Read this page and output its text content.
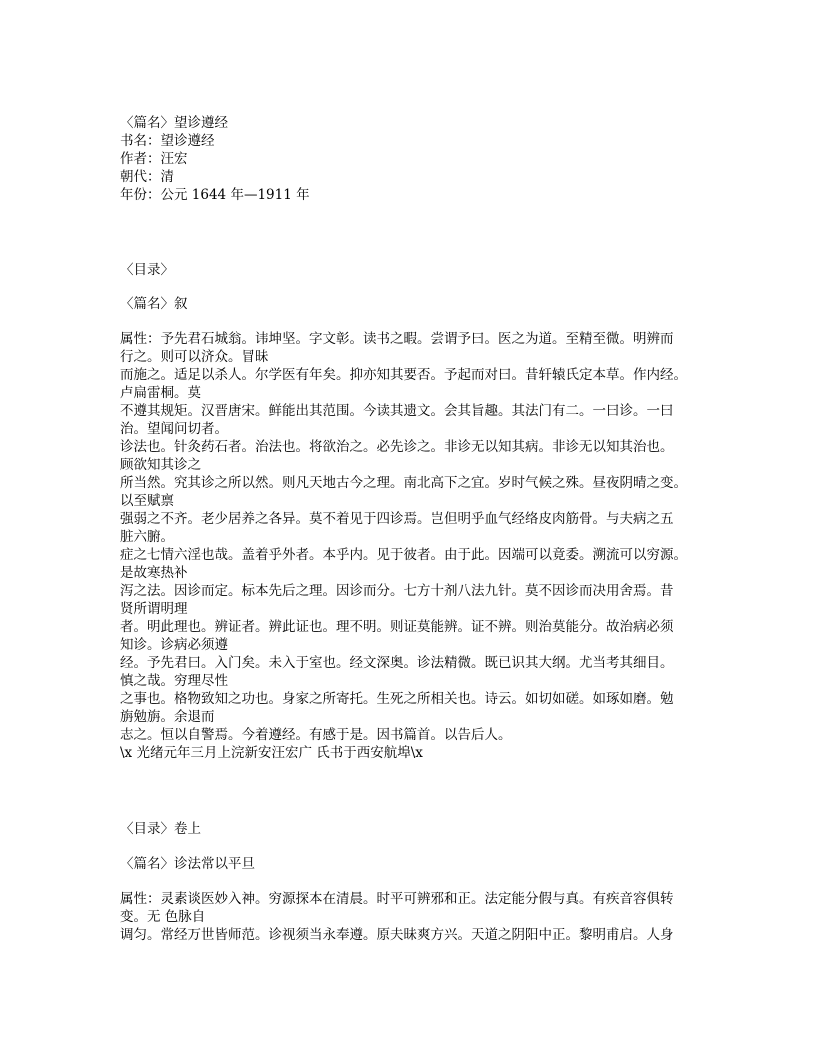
〈篇名〉望诊遵经
书名：望诊遵经
作者：汪宏
朝代：清
年份：公元 1644 年—1911 年
〈目录〉
〈篇名〉叙
属性：予先君石城翁。讳坤坚。字文彰。读书之暇。尝谓予曰。医之为道。至精至微。明辨而
行之。则可以济众。冒昧
而施之。适足以杀人。尔学医有年矣。抑亦知其要否。予起而对曰。昔轩辕氏定本草。作内经。
卢扁雷桐。莫
不遵其规矩。汉晋唐宋。鲜能出其范围。今读其遗文。会其旨趣。其法门有二。一曰诊。一曰
治。望闻问切者。
诊法也。针灸药石者。治法也。将欲治之。必先诊之。非诊无以知其病。非诊无以知其治也。
顾欲知其诊之
所当然。究其诊之所以然。则凡天地古今之理。南北高下之宜。岁时气候之殊。昼夜阴晴之变。
以至赋禀
强弱之不齐。老少居养之各异。莫不着见于四诊焉。岂但明乎血气经络皮肉筋骨。与夫病之五
脏六腑。
症之七情六淫也哉。盖着乎外者。本乎内。见于彼者。由于此。因端可以竟委。溯流可以穷源。
是故寒热补
泻之法。因诊而定。标本先后之理。因诊而分。七方十剂八法九针。莫不因诊而决用舍焉。昔
贤所谓明理
者。明此理也。辨证者。辨此证也。理不明。则证莫能辨。证不辨。则治莫能分。故治病必须
知诊。诊病必须遵
经。予先君曰。入门矣。未入于室也。经文深奥。诊法精微。既已识其大纲。尤当考其细目。
慎之哉。穷理尽性
之事也。格物致知之功也。身家之所寄托。生死之所相关也。诗云。如切如磋。如琢如磨。勉
旃勉旃。余退而
志之。恒以自警焉。今着遵经。有感于是。因书篇首。以告后人。
\x 光绪元年三月上浣新安汪宏广 氏书于西安航埠\x
〈目录〉卷上
〈篇名〉诊法常以平旦
属性：灵素谈医妙入神。穷源探本在清晨。时平可辨邪和正。法定能分假与真。有疾音容俱转
变。无 色脉自
调匀。常经万世皆师范。诊视须当永奉遵。原夫昧爽方兴。天道之阴阳中正。黎明甫启。人身
